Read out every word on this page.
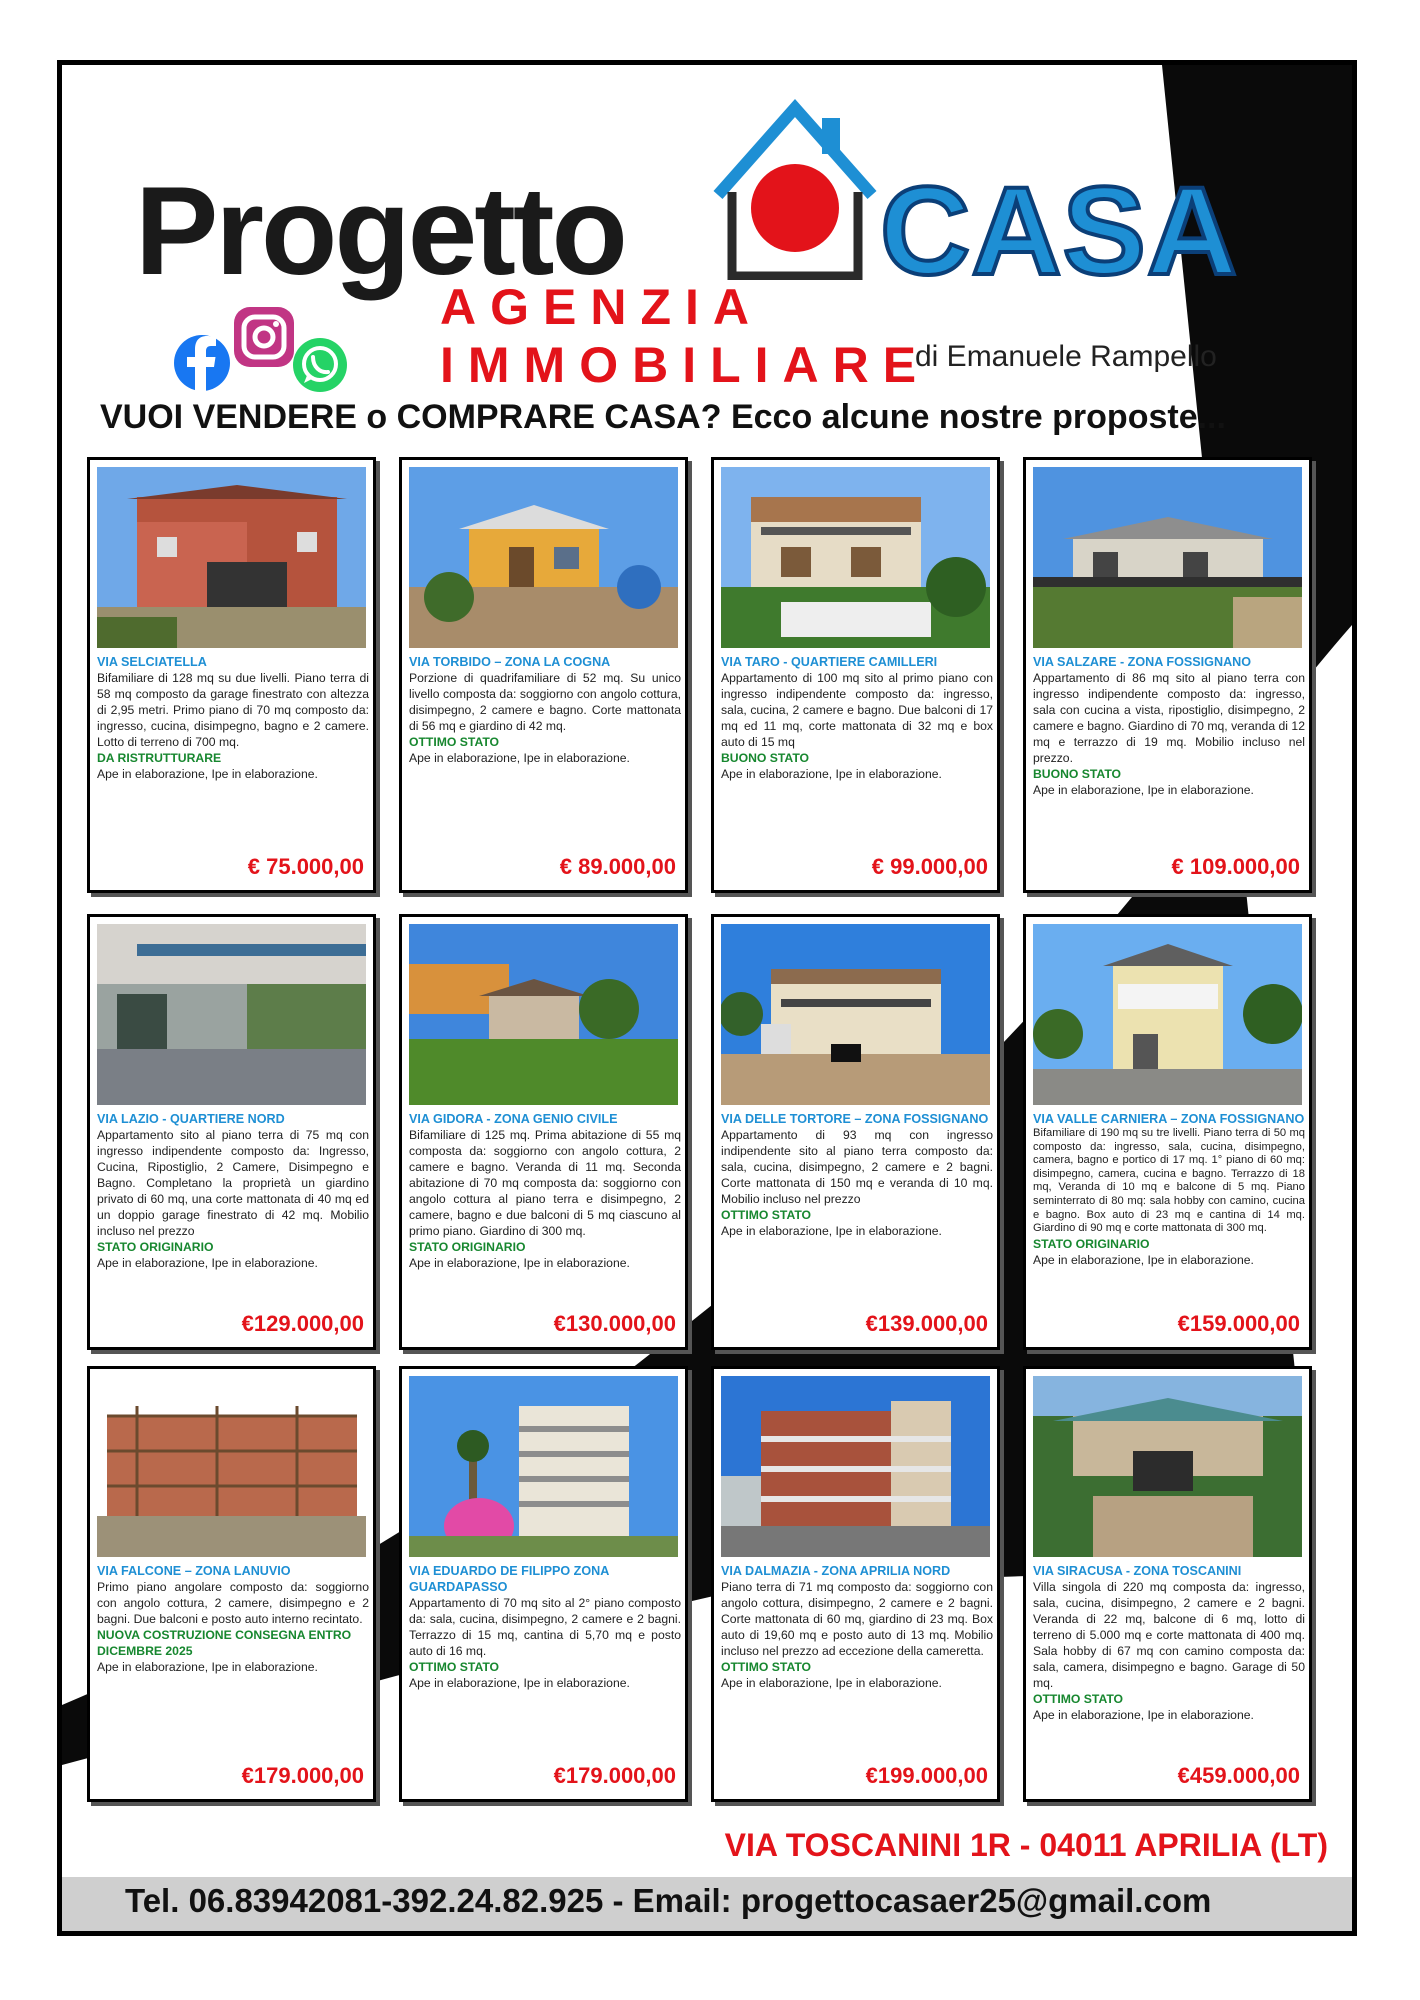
Progetto CASA
AGENZIA IMMOBILIARE
di Emanuele Rampello
VUOI VENDERE o COMPRARE CASA? Ecco alcune nostre proposte...
VIA SELCIATELLA
Bifamiliare di 128 mq su due livelli. Piano terra di 58 mq composto da garage finestrato con altezza di 2,95 metri. Primo piano di 70 mq composto da: ingresso, cucina, disimpegno, bagno e 2 camere. Lotto di terreno di 700 mq.
DA RISTRUTTURARE
Ape in elaborazione, Ipe in elaborazione.
€ 75.000,00
VIA TORBIDO – ZONA LA COGNA
Porzione di quadrifamiliare di 52 mq. Su unico livello composta da: soggiorno con angolo cottura, disimpegno, 2 camere e bagno. Corte mattonata di 56 mq e giardino di 42 mq.
OTTIMO STATO
Ape in elaborazione, Ipe in elaborazione.
€ 89.000,00
VIA TARO - QUARTIERE CAMILLERI
Appartamento di 100 mq sito al primo piano con ingresso indipendente composto da: ingresso, sala, cucina, 2 camere e bagno. Due balconi di 17 mq ed 11 mq, corte mattonata di 32 mq e box auto di 15 mq
BUONO STATO
Ape in elaborazione, Ipe in elaborazione.
€ 99.000,00
VIA SALZARE - ZONA FOSSIGNANO
Appartamento di 86 mq sito al piano terra con ingresso indipendente composto da: ingresso, sala con cucina a vista, ripostiglio, disimpegno, 2 camere e bagno. Giardino di 70 mq, veranda di 12 mq e terrazzo di 19 mq. Mobilio incluso nel prezzo.
BUONO STATO
Ape in elaborazione, Ipe in elaborazione.
€ 109.000,00
VIA LAZIO - QUARTIERE NORD
Appartamento sito al piano terra di 75 mq con ingresso indipendente composto da: Ingresso, Cucina, Ripostiglio, 2 Camere, Disimpegno e Bagno. Completano la proprietà un giardino privato di 60 mq, una corte mattonata di 40 mq ed un doppio garage finestrato di 42 mq. Mobilio incluso nel prezzo
STATO ORIGINARIO
Ape in elaborazione, Ipe in elaborazione.
€129.000,00
VIA GIDORA - ZONA GENIO CIVILE
Bifamiliare di 125 mq. Prima abitazione di 55 mq composta da: soggiorno con angolo cottura, 2 camere e bagno. Veranda di 11 mq. Seconda abitazione di 70 mq composta da: soggiorno con angolo cottura al piano terra e disimpegno, 2 camere, bagno e due balconi di 5 mq ciascuno al primo piano. Giardino di 300 mq.
STATO ORIGINARIO
Ape in elaborazione, Ipe in elaborazione.
€130.000,00
VIA DELLE TORTORE – ZONA FOSSIGNANO
Appartamento di 93 mq con ingresso indipendente sito al piano terra composto da: sala, cucina, disimpegno, 2 camere e 2 bagni. Corte mattonata di 150 mq e veranda di 10 mq. Mobilio incluso nel prezzo
OTTIMO STATO
Ape in elaborazione, Ipe in elaborazione.
€139.000,00
VIA VALLE CARNIERA – ZONA FOSSIGNANO
Bifamiliare di 190 mq su tre livelli. Piano terra di 50 mq composto da: ingresso, sala, cucina, disimpegno, camera, bagno e portico di 17 mq. 1° piano di 60 mq: disimpegno, camera, cucina e bagno. Terrazzo di 18 mq, Veranda di 10 mq e balcone di 5 mq. Piano seminterrato di 80 mq: sala hobby con camino, cucina e bagno. Box auto di 23 mq e cantina di 14 mq. Giardino di 90 mq e corte mattonata di 300 mq.
STATO ORIGINARIO
Ape in elaborazione, Ipe in elaborazione.
€159.000,00
VIA FALCONE – ZONA LANUVIO
Primo piano angolare composto da: soggiorno con angolo cottura, 2 camere, disimpegno e 2 bagni. Due balconi e posto auto interno recintato.
NUOVA COSTRUZIONE CONSEGNA ENTRO DICEMBRE 2025
Ape in elaborazione, Ipe in elaborazione.
€179.000,00
VIA EDUARDO DE FILIPPO ZONA GUARDAPASSO
Appartamento di 70 mq sito al 2° piano composto da: sala, cucina, disimpegno, 2 camere e 2 bagni. Terrazzo di 15 mq, cantina di 5,70 mq e posto auto di 16 mq.
OTTIMO STATO
Ape in elaborazione, Ipe in elaborazione.
€179.000,00
VIA DALMAZIA - ZONA APRILIA NORD
Piano terra di 71 mq composto da: soggiorno con angolo cottura, disimpegno, 2 camere e 2 bagni. Corte mattonata di 60 mq, giardino di 23 mq. Box auto di 19,60 mq e posto auto di 13 mq. Mobilio incluso nel prezzo ad eccezione della cameretta.
OTTIMO STATO
Ape in elaborazione, Ipe in elaborazione.
€199.000,00
VIA SIRACUSA - ZONA TOSCANINI
Villa singola di 220 mq composta da: ingresso, sala, cucina, disimpegno, 2 camere e 2 bagni. Veranda di 22 mq, balcone di 6 mq, lotto di terreno di 5.000 mq e corte mattonata di 400 mq. Sala hobby di 67 mq con camino composta da: sala, camera, disimpegno e bagno. Garage di 50 mq.
OTTIMO STATO
Ape in elaborazione, Ipe in elaborazione.
€459.000,00
VIA TOSCANINI 1R - 04011 APRILIA (LT)
Tel. 06.83942081-392.24.82.925 - Email: progettocasaer25@gmail.com
